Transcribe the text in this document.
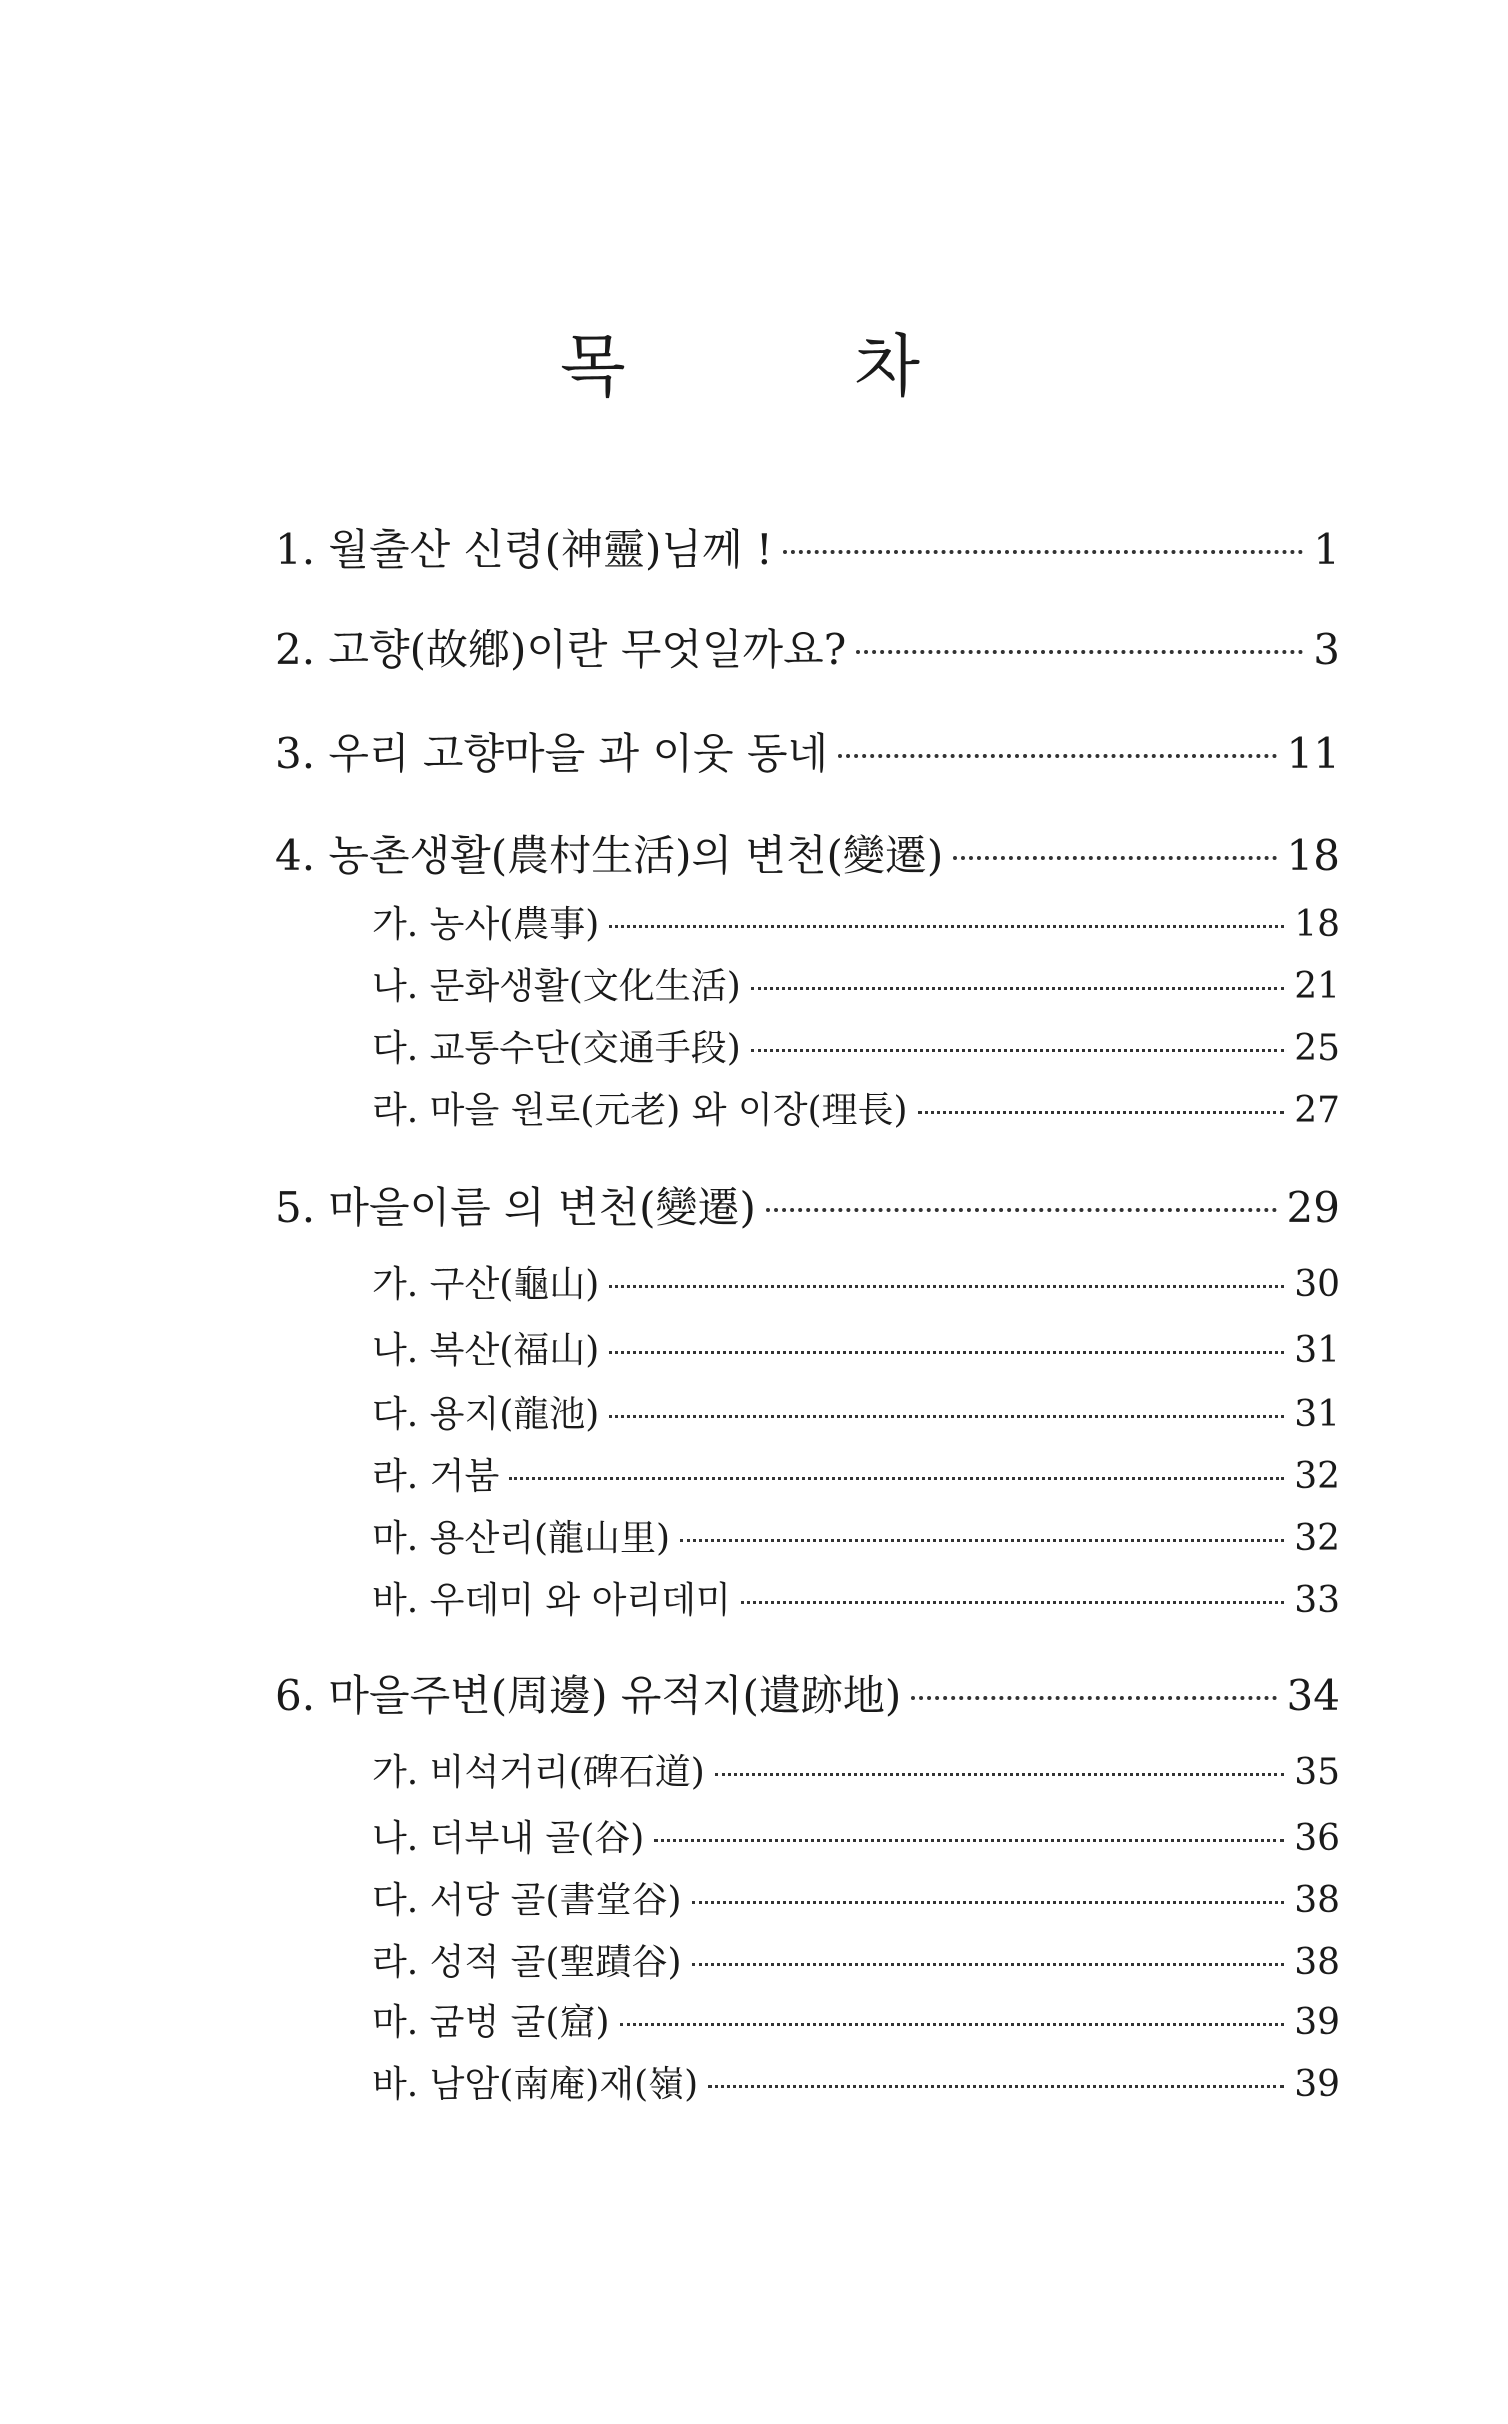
목	차
1. 월출산 신령(神靈)님께 !	1
2. 고향(故鄕)이란 무엇일까요?	3
3. 우리 고향마을 과 이웃 동네	11
4. 농촌생활(農村生活)의 변천(變遷)	18
가. 농사(農事)	18
나. 문화생활(文化生活)	21
다. 교통수단(交通手段)	25
라. 마을 원로(元老) 와 이장(理長)	27
5. 마을이름 의 변천(變遷)	29
가. 구산(龜山)	30
나. 복산(福山)	31
다. 용지(龍池)	31
라. 거붐	32
마. 용산리(龍山里)	32
바. 우데미 와 아리데미	33
6. 마을주변(周邊) 유적지(遺跡地)	34
가. 비석거리(碑石道)	35
나. 더부내 골(谷)	36
다. 서당 골(書堂谷)	38
라. 성적 골(聖蹟谷)	38
마. 굼벙 굴(窟)	39
바. 남암(南庵)재(嶺)	39
